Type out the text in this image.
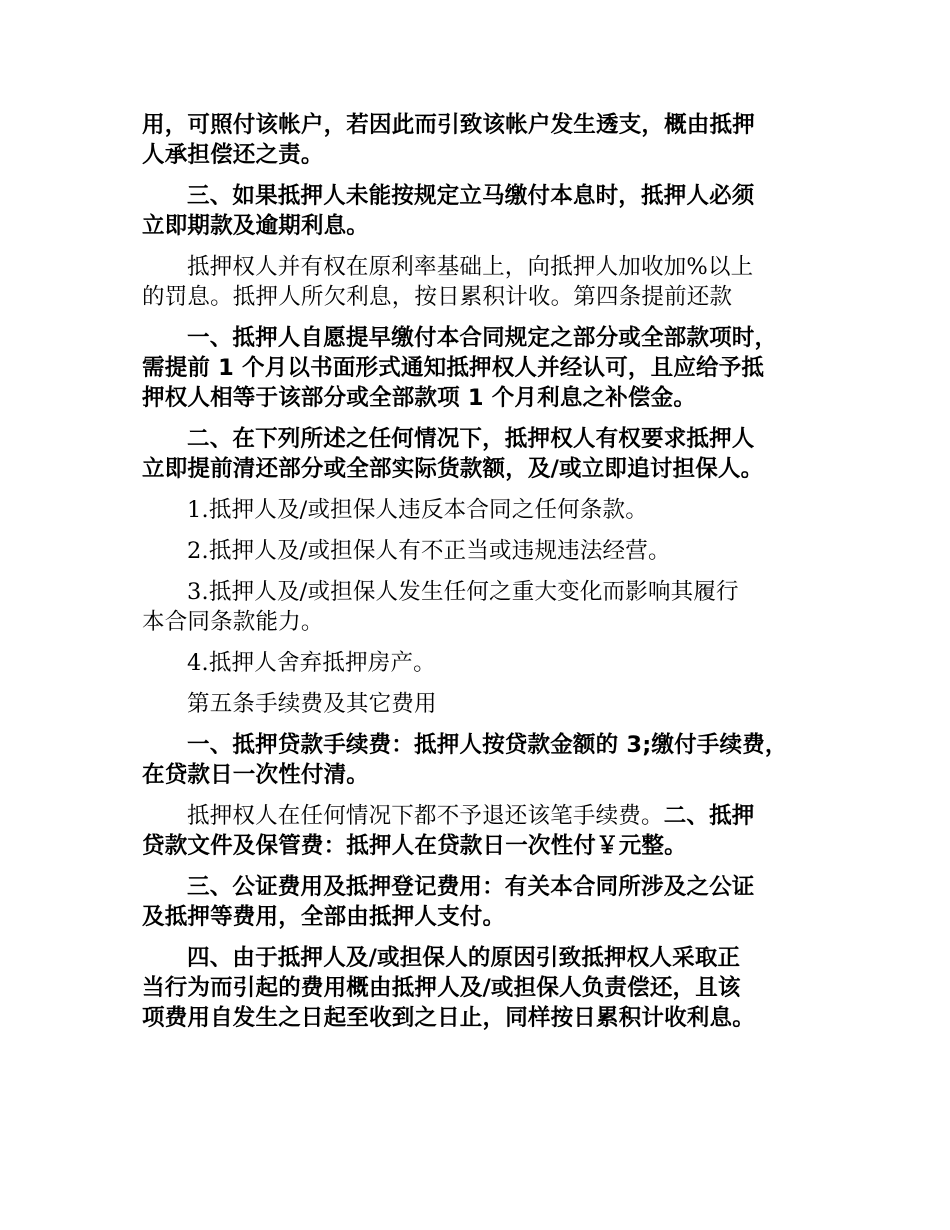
用，可照付该帐户，若因此而引致该帐户发生透支，概由抵押
人承担偿还之责。

三、如果抵押人未能按规定立马缴付本息时，抵押人必须
立即期款及逾期利息。

抵押权人并有权在原利率基础上，向抵押人加收加%以上
的罚息。抵押人所欠利息，按日累积计收。第四条提前还款

一、抵押人自愿提早缴付本合同规定之部分或全部款项时，
需提前 1 个月以书面形式通知抵押权人并经认可，且应给予抵
押权人相等于该部分或全部款项 1 个月利息之补偿金。

二、在下列所述之任何情况下，抵押权人有权要求抵押人
立即提前清还部分或全部实际货款额，及/或立即追讨担保人。

1.抵押人及/或担保人违反本合同之任何条款。

2.抵押人及/或担保人有不正当或违规违法经营。

3.抵押人及/或担保人发生任何之重大变化而影响其履行
本合同条款能力。

4.抵押人舍弃抵押房产。

第五条手续费及其它费用

一、抵押贷款手续费：抵押人按贷款金额的 3;缴付手续费，
在贷款日一次性付清。

抵押权人在任何情况下都不予退还该笔手续费。二、抵押
贷款文件及保管费：抵押人在贷款日一次性付￥元整。

三、公证费用及抵押登记费用：有关本合同所涉及之公证
及抵押等费用，全部由抵押人支付。

四、由于抵押人及/或担保人的原因引致抵押权人采取正
当行为而引起的费用概由抵押人及/或担保人负责偿还，且该
项费用自发生之日起至收到之日止，同样按日累积计收利息。
